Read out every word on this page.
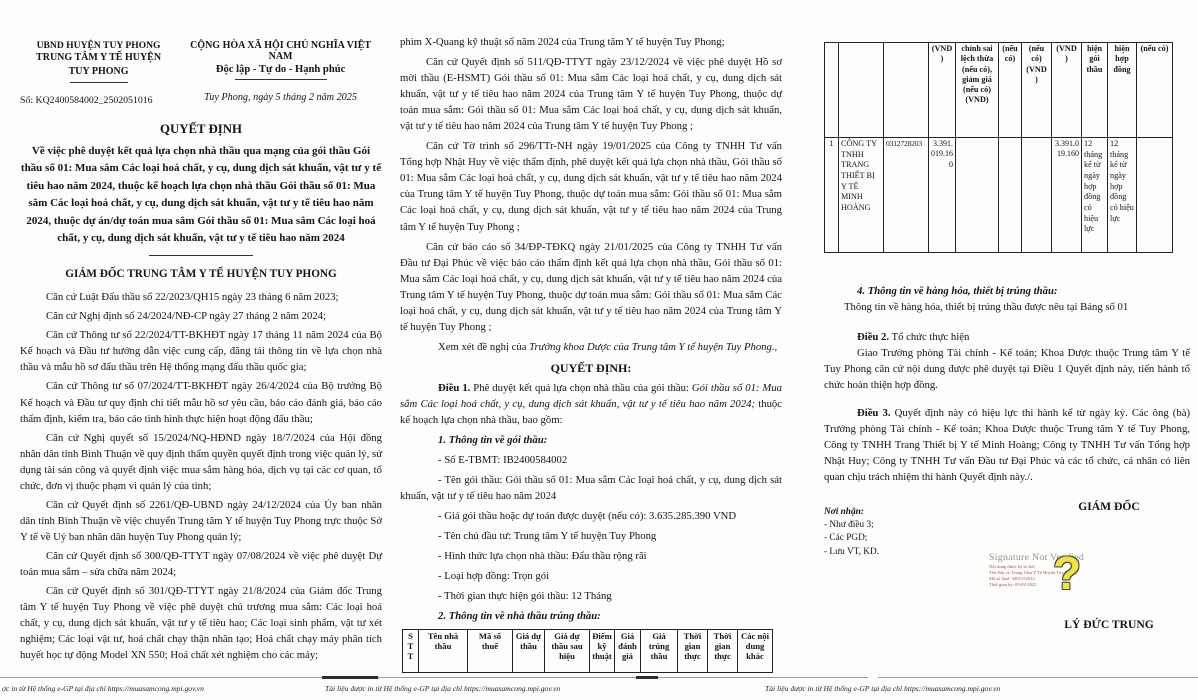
UBND HUYỆN TUY PHONG
TRUNG TÂM Y TẾ HUYỆN
TUY PHONG
Số: KQ2400584002_2502051016
CỘNG HÒA XÃ HỘI CHỦ NGHĨA VIỆT NAM
Độc lập - Tự do - Hạnh phúc
Tuy Phong, ngày 5 tháng 2 năm 2025
QUYẾT ĐỊNH
Về việc phê duyệt kết quả lựa chọn nhà thầu qua mạng của gói thầu Gói thầu số 01: Mua sắm Các loại hoá chất, y cụ, dung dịch sát khuẩn, vật tư y tế tiêu hao năm 2024, thuộc kế hoạch lựa chọn nhà thầu Gói thầu số 01: Mua sắm Các loại hoá chất, y cụ, dung dịch sát khuẩn, vật tư y tế tiêu hao năm 2024, thuộc dự án/dự toán mua sắm Gói thầu số 01: Mua sắm Các loại hoá chất, y cụ, dung dịch sát khuẩn, vật tư y tế tiêu hao năm 2024
GIÁM ĐỐC TRUNG TÂM Y TẾ HUYỆN TUY PHONG

Căn cứ Luật Đấu thầu số 22/2023/QH15 ngày 23 tháng 6 năm 2023;

Căn cứ Nghị định số 24/2024/NĐ-CP ngày 27 tháng 2 năm 2024;

Căn cứ Thông tư số 22/2024/TT-BKHĐT ngày 17 tháng 11 năm 2024 của Bộ Kế hoạch và Đầu tư hướng dẫn việc cung cấp, đăng tải thông tin về lựa chọn nhà thầu và mẫu hồ sơ đấu thầu trên Hệ thống mạng đấu thầu quốc gia;

Căn cứ Thông tư số 07/2024/TT-BKHĐT ngày 26/4/2024 của Bộ trưởng Bộ Kế hoạch và Đầu tư quy định chi tiết mẫu hồ sơ yêu cầu, báo cáo đánh giá, báo cáo thẩm định, kiểm tra, báo cáo tình hình thực hiện hoạt động đấu thầu;

Căn cứ Nghị quyết số 15/2024/NQ-HĐND ngày 18/7/2024 của Hội đồng nhân dân tỉnh Bình Thuận về quy định thẩm quyền quyết định trong việc quản lý, sử dụng tài sản công và quyết định việc mua sắm hàng hóa, dịch vụ tại các cơ quan, tổ chức, đơn vị thuộc phạm vi quản lý của tỉnh;

Căn cứ Quyết định số 2261/QĐ-UBND ngày 24/12/2024 của Ủy ban nhân dân tỉnh Bình Thuận về việc chuyển Trung tâm Y tế huyện Tuy Phong trực thuộc Sở Y tế về Uỷ ban nhân dân huyện Tuy Phong quản lý;

Căn cứ Quyết định số 300/QĐ-TTYT ngày 07/08/2024 về việc phê duyệt Dự toán mua sắm – sửa chữa năm 2024;

Căn cứ Quyết định số 301/QĐ-TTYT ngày 21/8/2024 của Giám đốc Trung tâm Y tế huyện Tuy Phong về việc phê duyệt chủ trương mua sắm: Các loại hoá chất, y cụ, dung dịch sát khuẩn, vật tư y tế tiêu hao; Các loại sinh phẩm, vật tư xét nghiệm; Các loại vật tư, hoá chất chạy thận nhân tạo; Hoá chất chạy máy phân tích huyết học tự động Model XN 550; Hoá chất xét nghiệm cho các máy;

phim X-Quang kỹ thuật số năm 2024 của Trung tâm Y tế huyện Tuy Phong;

Căn cứ Quyết định số 511/QĐ-TTYT ngày 23/12/2024 về việc phê duyệt Hồ sơ mời thầu (E-HSMT) Gói thầu số 01: Mua sắm Các loại hoá chất, y cụ, dung dịch sát khuẩn, vật tư y tế tiêu hao năm 2024 của Trung tâm Y tế huyện Tuy Phong, thuộc dự toán mua sắm: Gói thầu số 01: Mua sắm Các loại hoá chất, y cụ, dung dịch sát khuẩn, vật tư y tế tiêu hao năm 2024 của Trung tâm Y tế huyện Tuy Phong ;

Căn cứ Tờ trình số 296/TTr-NH ngày 19/01/2025 của Công ty TNHH Tư vấn Tổng hợp Nhật Huy về việc thẩm định, phê duyệt kết quả lựa chọn nhà thầu, Gói thầu số 01: Mua sắm Các loại hoá chất, y cụ, dung dịch sát khuẩn, vật tư y tế tiêu hao năm 2024 của Trung tâm Y tế huyện Tuy Phong, thuộc dự toán mua sắm: Gói thầu số 01: Mua sắm Các loại hoá chất, y cụ, dung dịch sát khuẩn, vật tư y tế tiêu hao năm 2024 của Trung tâm Y tế huyện Tuy Phong ;

Căn cứ báo cáo số 34/ĐP-TĐKQ ngày 21/01/2025 của Công ty TNHH Tư vấn Đầu tư Đại Phúc về việc báo cáo thẩm định kết quả lựa chọn nhà thầu, Gói thầu số 01: Mua sắm Các loại hoá chất, y cụ, dung dịch sát khuẩn, vật tư y tế tiêu hao năm 2024 của Trung tâm Y tế huyện Tuy Phong, thuộc dự toán mua sắm: Gói thầu số 01: Mua sắm Các loại hoá chất, y cụ, dung dịch sát khuẩn, vật tư y tế tiêu hao năm 2024 của Trung tâm Y tế huyện Tuy Phong ;

Xem xét đề nghị của Trưởng khoa Dược của Trung tâm Y tế huyện Tuy Phong.,

QUYẾT ĐỊNH:

Điều 1. Phê duyệt kết quả lựa chọn nhà thầu của gói thầu: Gói thầu số 01: Mua sắm Các loại hoá chất, y cụ, dung dịch sát khuẩn, vật tư y tế tiêu hao năm 2024; thuộc kế hoạch lựa chọn nhà thầu, bao gồm:

1. Thông tin về gói thầu:

- Số E-TBMT: IB2400584002

- Tên gói thầu: Gói thầu số 01: Mua sắm Các loại hoá chất, y cụ, dung dịch sát khuẩn, vật tư y tế tiêu hao năm 2024

- Giá gói thầu hoặc dự toán được duyệt (nếu có): 3.635.285.390 VND

- Tên chủ đầu tư: Trung tâm Y tế huyện Tuy Phong

- Hình thức lựa chọn nhà thầu: Đấu thầu rộng rãi

- Loại hợp đồng: Trọn gói

- Thời gian thực hiện gói thầu: 12 Tháng

2. Thông tin về nhà thầu trúng thầu:

S T T	Tên nhà thầu	Mã số thuế	Giá dự thầu	Giá dự thầu sau hiệu	Điểm kỹ thuật	Giá đánh giá	Giá trúng thầu	Thời gian thực	Thời gian thực	Các nội dung khác
			(VND )	chỉnh sai lệch thừa (nếu có), giảm giá (nếu có) (VND)	(nếu có)	(nếu có) (VND )	(VND )	hiện gói thầu	hiện hợp đồng	(nếu có)
1	CÔNG TY TNHH TRANG THIẾT BỊ Y TẾ MINH HOÀNG	0312728203	3.391.019.160				3.391.019.160	12 tháng kể từ ngày hợp đồng có hiệu lực	12 tháng kể từ ngày hợp đồng có hiệu lực	

4. Thông tin về hàng hóa, thiết bị trúng thầu:

Thông tin về hàng hóa, thiết bị trúng thầu được nêu tại Bảng số 01

Điều 2. Tổ chức thực hiện

Giao Trưởng phòng Tài chính - Kế toán; Khoa Dược thuộc Trung tâm Y tế Tuy Phong căn cứ nội dung được phê duyệt tại Điều 1 Quyết định này, tiến hành tổ chức hoàn thiện hợp đồng.

Điều 3. Quyết định này có hiệu lực thi hành kể từ ngày ký. Các ông (bà) Trưởng phòng Tài chính - Kế toán; Khoa Dược thuộc Trung tâm Y tế Tuy Phong, Công ty TNHH Trang Thiết bị Y tế Minh Hoàng; Công ty TNHH Tư vấn Tổng hợp Nhật Huy; Công ty TNHH Tư vấn Đầu tư Đại Phúc và các tổ chức, cá nhân có liên quan chịu trách nhiệm thi hành Quyết định này./.

Nơi nhận:
- Như điều 3;
- Các PGD;
- Lưu VT, KD.
GIÁM ĐỐC
Signature Not Verified
Nội dung được ký số bởi
Tên đơn vị: Trung Tâm Y Tế Huyện Tuy Phong
Mã số thuế: 3401152012
Thời gian ký: 05-02-2025 ?
LÝ ĐỨC TRUNG
ợc in từ Hệ thống e-GP tại địa chỉ https://muasamcong.mpi.gov.vn	Tài liệu được in từ Hệ thống e-GP tại địa chỉ https://muasamcong.mpi.gov.vn	Tài liệu được in từ Hệ thống e-GP tại địa chỉ https://muasamcong.mpi.gov.vn
